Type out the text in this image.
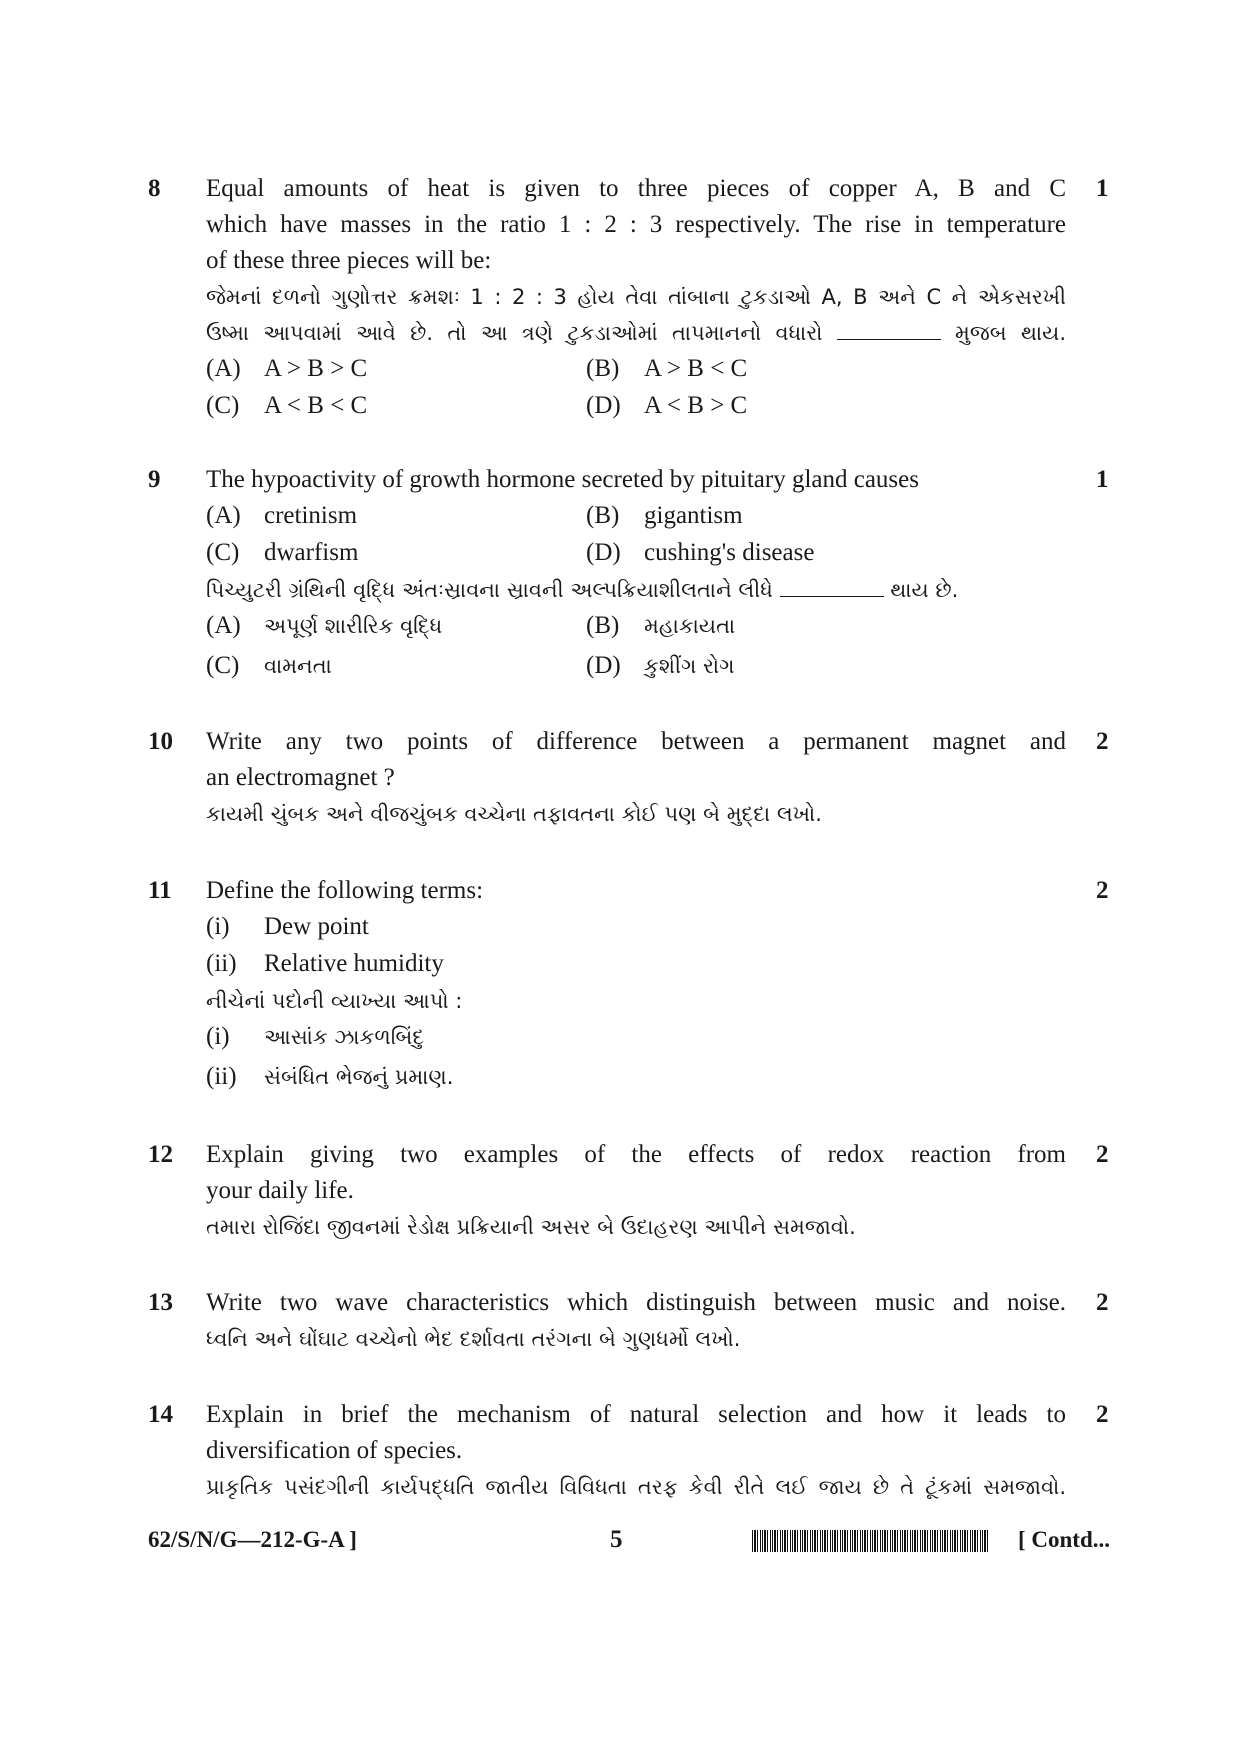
8	1
Equal amounts of heat is given to three pieces of copper A, B and C
which have masses in the ratio 1 : 2 : 3 respectively. The rise in temperature
of these three pieces will be:
જેમનાં દળનો ગુણોત્તર ક્રમશઃ 1 : 2 : 3 હોય તેવા તાંબાના ટુકડાઓ A, B અને C ને એકસરખી
ઉષ્મા આપવામાં આવે છે. તો આ ત્રણે ટુકડાઓમાં તાપમાનનો વધારો	મુજબ થાય.
(A) A > B > C	(B) A > B < C
(C) A < B < C	(D) A < B > C
9	1
The hypoactivity of growth hormone secreted by pituitary gland causes
(A) cretinism	(B) gigantism
(C) dwarfism	(D) cushing's disease
પિચ્યુટરી ગ્રંથિની વૃદ્ધિ અંતઃસ્રાવના સ્રાવની અલ્પક્રિયાશીલતાને લીધે	થાય છે.
(A) અપૂર્ણ શારીરિક વૃદ્ધિ	(B) મહાકાયતા
(C) વામનતા	(D) કુશીંગ રોગ
10	2
Write any two points of difference between a permanent magnet and
an electromagnet ?
કાયમી ચુંબક અને વીજચુંબક વચ્ચેના તફાવતના કોઈ પણ બે મુદ્દા લખો.
11	2
Define the following terms:
(i) Dew point
(ii) Relative humidity
નીચેનાં પદોની વ્યાખ્યા આપો :
(i) આસાંક ઝાકળબિંદુ
(ii) સંબંધિત ભેજનું પ્રમાણ.
12	2
Explain giving two examples of the effects of redox reaction from
your daily life.
તમારા રોજિંદા જીવનમાં રેડોક્ષ પ્રક્રિયાની અસર બે ઉદાહરણ આપીને સમજાવો.
13	2
Write two wave characteristics which distinguish between music and noise.
ધ્વનિ અને ઘોંઘાટ વચ્ચેનો ભેદ દર્શાવતા તરંગના બે ગુણધર્મો લખો.
14	2
Explain in brief the mechanism of natural selection and how it leads to
diversification of species.
પ્રાકૃતિક પસંદગીની કાર્યપદ્ધતિ જાતીય વિવિધતા તરફ કેવી રીતે લઈ જાય છે તે ટૂંકમાં સમજાવો.
62/S/N/G—212-G-A ]	5	[ Contd...
